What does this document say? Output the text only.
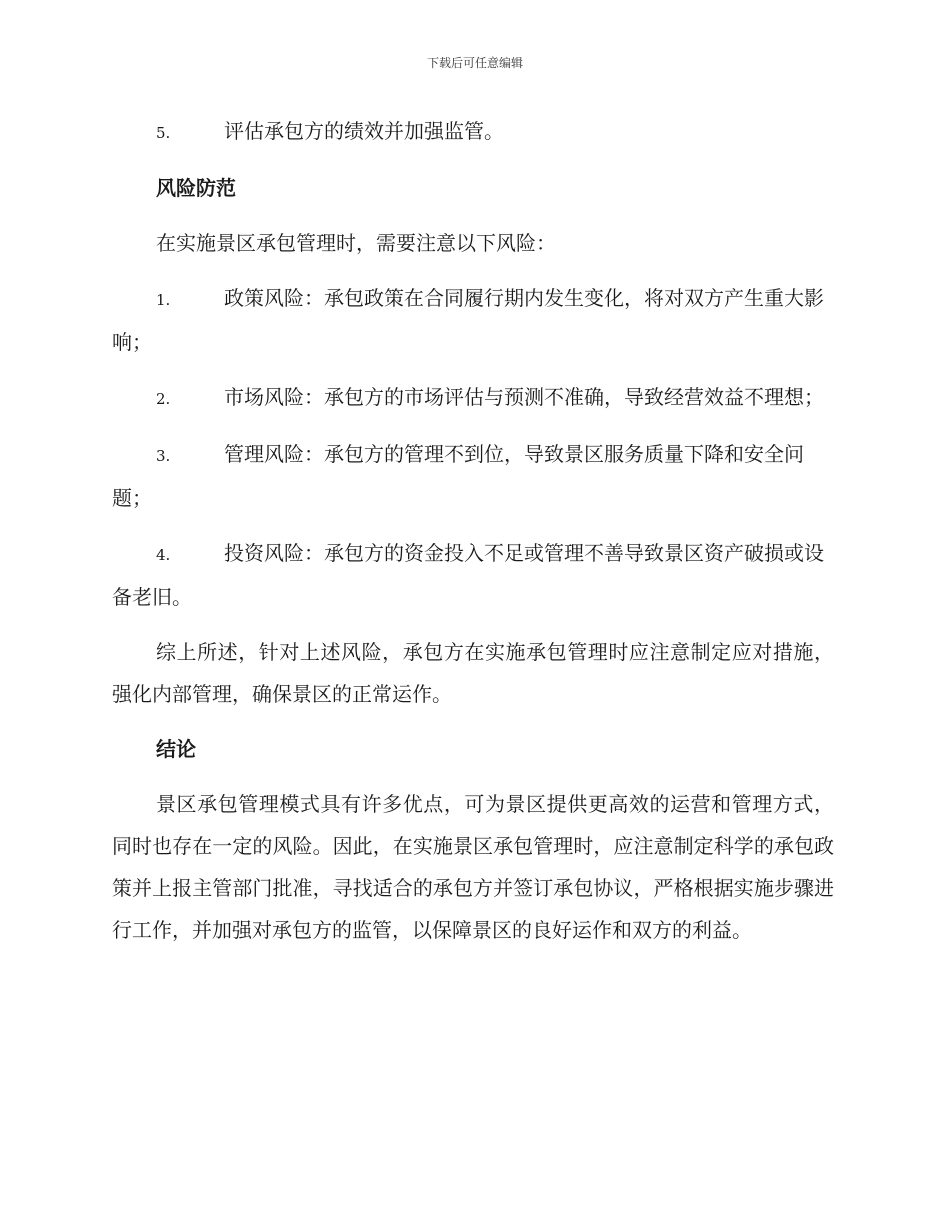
下载后可任意编辑

5.	评估承包方的绩效并加强监管。

风险防范

在实施景区承包管理时，需要注意以下风险：

1.	政策风险：承包政策在合同履行期内发生变化，将对双方产生重大影响；

2.	市场风险：承包方的市场评估与预测不准确，导致经营效益不理想；

3.	管理风险：承包方的管理不到位，导致景区服务质量下降和安全问题；

4.	投资风险：承包方的资金投入不足或管理不善导致景区资产破损或设备老旧。

综上所述，针对上述风险，承包方在实施承包管理时应注意制定应对措施，强化内部管理，确保景区的正常运作。

结论

景区承包管理模式具有许多优点，可为景区提供更高效的运营和管理方式，同时也存在一定的风险。因此，在实施景区承包管理时，应注意制定科学的承包政策并上报主管部门批准，寻找适合的承包方并签订承包协议，严格根据实施步骤进行工作，并加强对承包方的监管，以保障景区的良好运作和双方的利益。
